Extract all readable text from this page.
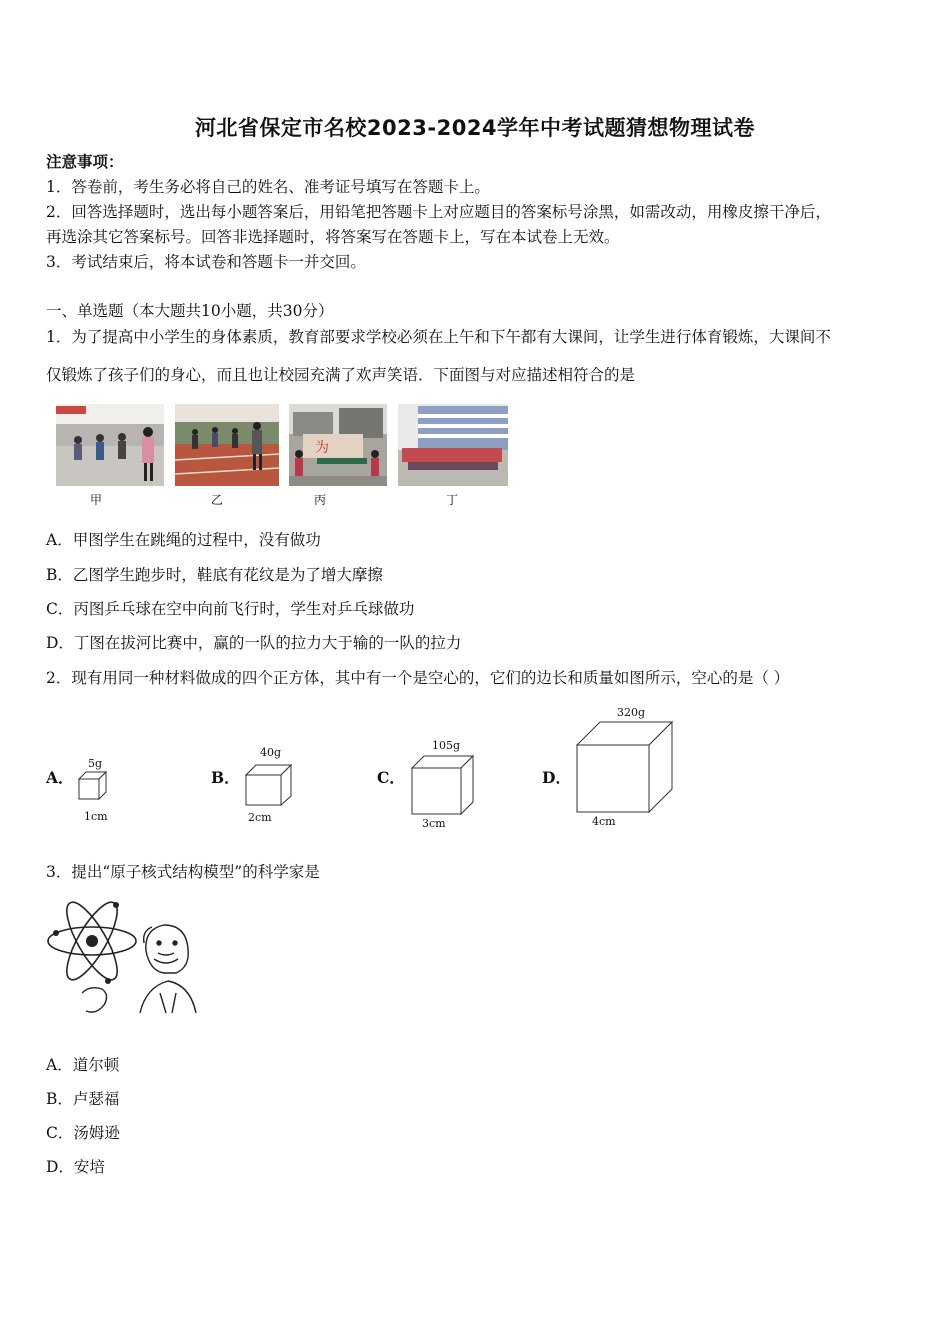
河北省保定市名校2023-2024学年中考试题猜想物理试卷
注意事项：
1．答卷前，考生务必将自己的姓名、准考证号填写在答题卡上。
2．回答选择题时，选出每小题答案后，用铅笔把答题卡上对应题目的答案标号涂黑，如需改动，用橡皮擦干净后，
再选涂其它答案标号。回答非选择题时，将答案写在答题卡上，写在本试卷上无效。
3．考试结束后，将本试卷和答题卡一并交回。
一、单选题（本大题共10小题，共30分）
1．为了提高中小学生的身体素质，教育部要求学校必须在上午和下午都有大课间，让学生进行体育锻炼，大课间不
仅锻炼了孩子们的身心，而且也让校园充满了欢声笑语．下面图与对应描述相符合的是
为
甲	乙	丙	丁
A．甲图学生在跳绳的过程中，没有做功
B．乙图学生跑步时，鞋底有花纹是为了增大摩擦
C．丙图乒乓球在空中向前飞行时，学生对乒乓球做功
D．丁图在拔河比赛中，赢的一队的拉力大于输的一队的拉力
2．现有用同一种材料做成的四个正方体，其中有一个是空心的，它们的边长和质量如图所示，空心的是（ ）
A．	B．	C．	D．
5g
1cm
40g
2cm
105g
3cm
320g
4cm
3．提出“原子核式结构模型”的科学家是
A．道尔顿
B．卢瑟福
C．汤姆逊
D．安培
